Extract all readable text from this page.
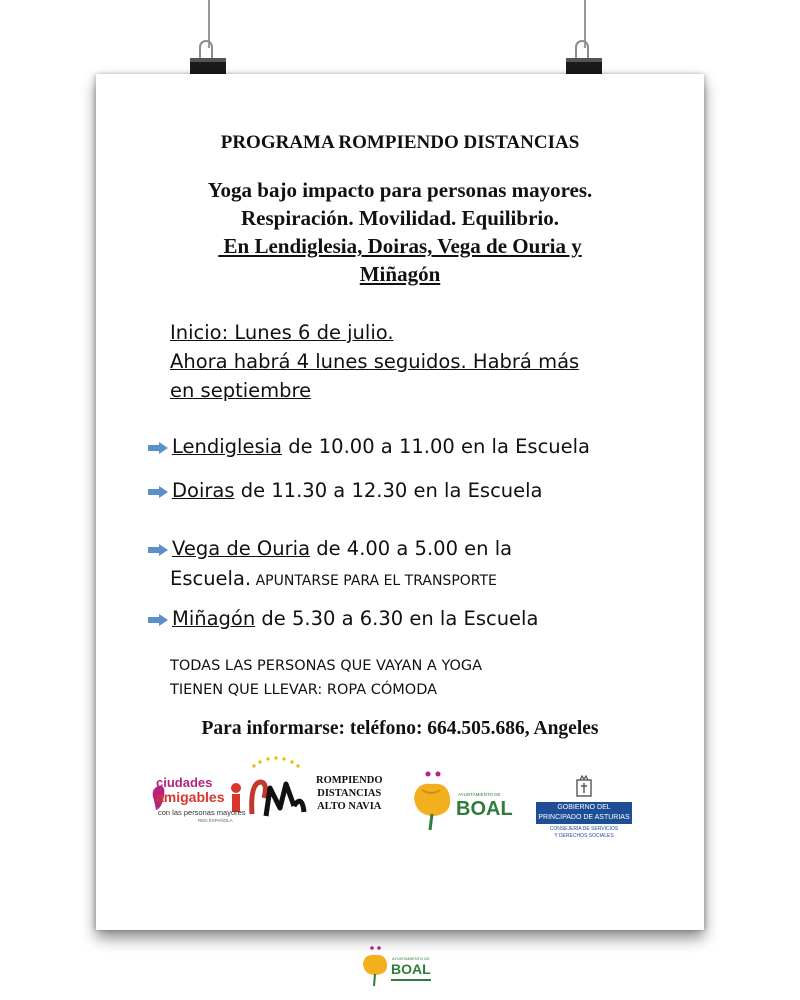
PROGRAMA ROMPIENDO DISTANCIAS
Yoga bajo impacto para personas mayores.
Respiración. Movilidad. Equilibrio.
En Lendiglesia, Doiras, Vega de Ouria y
Miñagón
Inicio: Lunes 6 de julio.
Ahora habrá 4 lunes seguidos. Habrá más
en septiembre
Lendiglesia de 10.00 a 11.00 en la Escuela
Doiras de 11.30 a 12.30 en la Escuela
Vega de Ouria de 4.00 a 5.00 en la
Escuela. APUNTARSE PARA EL TRANSPORTE
Miñagón de 5.30 a 6.30 en la Escuela
TODAS LAS PERSONAS QUE VAYAN A YOGA
TIENEN QUE LLEVAR: ROPA CÓMODA
Para informarse: teléfono: 664.505.686, Angeles
ciudades
amigables
con las personas mayores
RED ESPAÑOLA
ROMPIENDO
DISTANCIAS
ALTO NAVIA
AYUNTAMIENTO DE
BOAL	GOBIERNO DEL
PRINCIPADO DE ASTURIAS
CONSEJERÍA DE SERVICIOS
Y DERECHOS SOCIALES
AYUNTAMIENTO DE
BOAL
